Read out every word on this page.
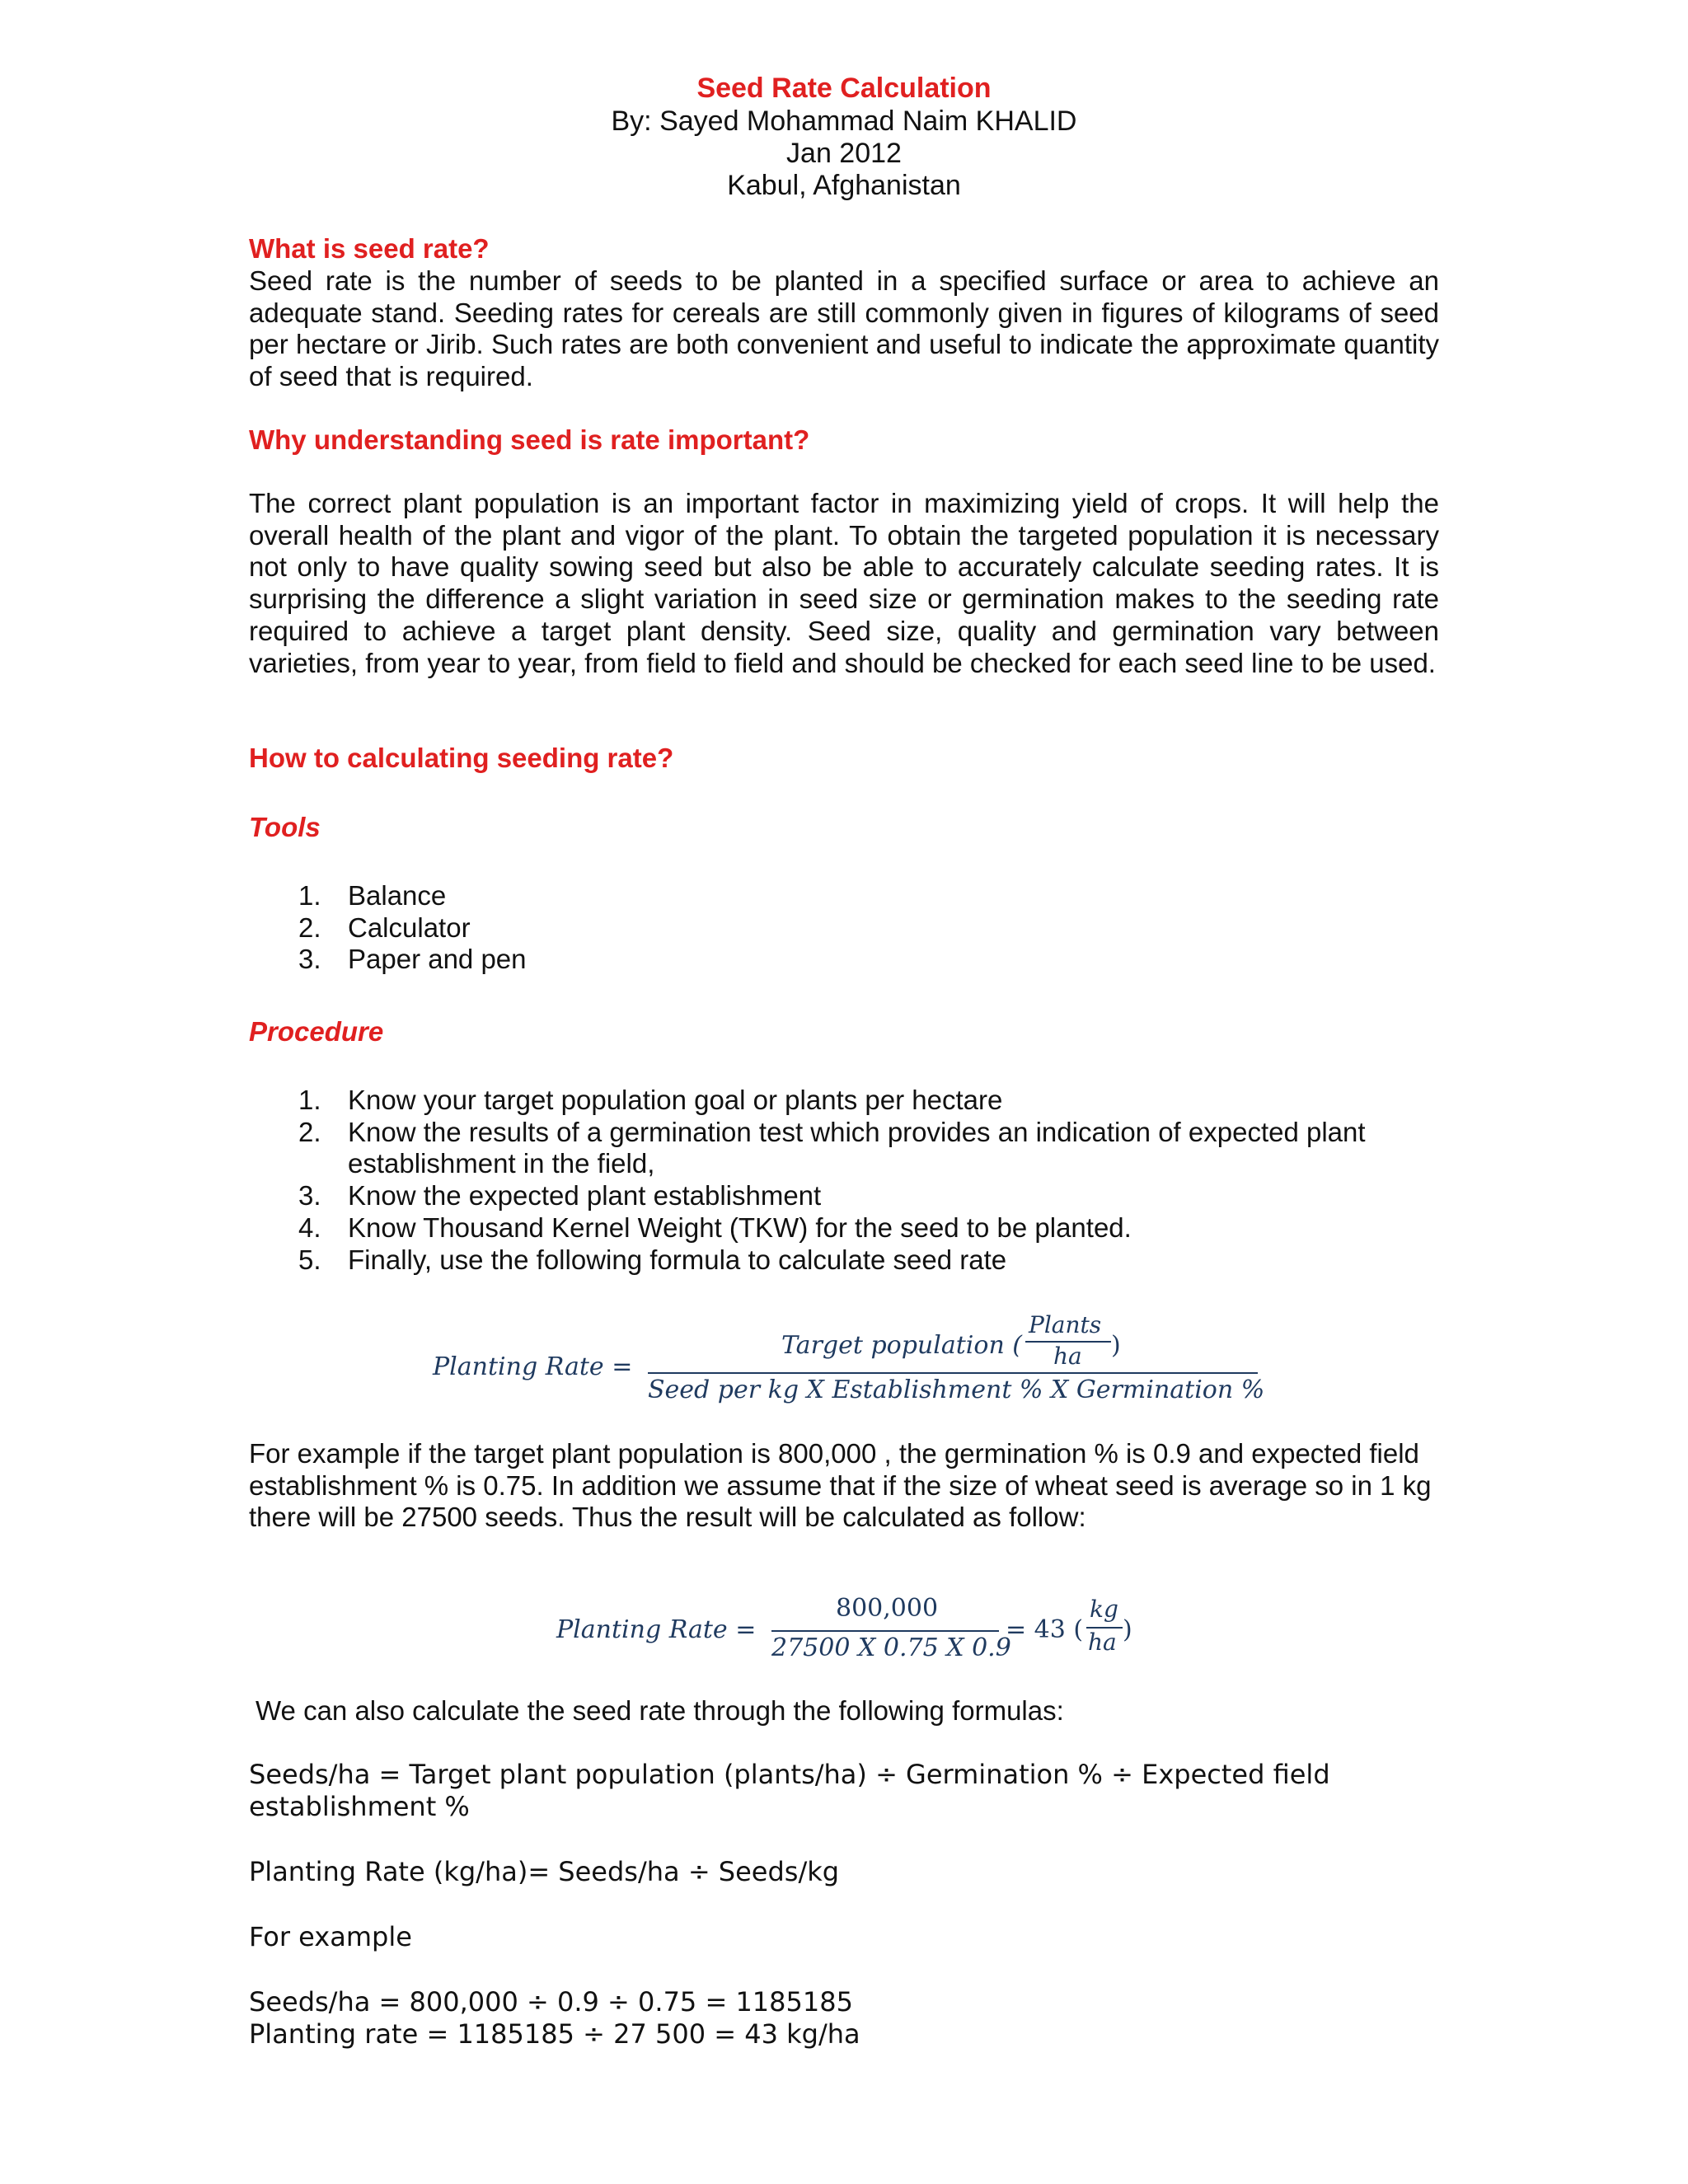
Seed Rate Calculation
By: Sayed Mohammad Naim KHALID
Jan 2012
Kabul, Afghanistan
What is seed rate?

Seed rate is the number of seeds to be planted in a specified surface or area to achieve an adequate stand. Seeding rates for cereals are still commonly given in figures of kilograms of seed per hectare or Jirib. Such rates are both convenient and useful to indicate the approximate quantity of seed that is required.

Why understanding seed is rate important?

The correct plant population is an important factor in maximizing yield of crops. It will help the overall health of the plant and vigor of the plant. To obtain the targeted population it is necessary not only to have quality sowing seed but also be able to accurately calculate seeding rates. It is surprising the difference a slight variation in seed size or germination makes to the seeding rate required to achieve a target plant density. Seed size, quality and germination vary between varieties, from year to year, from field to field and should be checked for each seed line to be used.

How to calculating seeding rate?
Tools
1. Balance
2. Calculator
3. Paper and pen
Procedure
1. Know your target population goal or plants per hectare
2. Know the results of a germination test which provides an indication of expected plant establishment in the field,
3. Know the expected plant establishment
4. Know Thousand Kernel Weight (TKW) for the seed to be planted.
5. Finally, use the following formula to calculate seed rate
Planting Rate =
Target population (
Plants
ha )
Seed per kg X Establishment % X Germination %

For example if the target plant population is 800,000 , the germination % is 0.9 and expected field establishment % is 0.75. In addition we assume that if the size of wheat seed is average so in 1 kg there will be 27500 seeds. Thus the result will be calculated as follow:

Planting Rate =
800,000
27500 X 0.75 X 0.9
= 43 (
kg
ha )
We can also calculate the seed rate through the following formulas:
Seeds/ha = Target plant population (plants/ha) ÷ Germination % ÷ Expected field
establishment %
Planting Rate (kg/ha)= Seeds/ha ÷ Seeds/kg
For example
Seeds/ha = 800,000 ÷ 0.9 ÷ 0.75 = 1185185
Planting rate = 1185185 ÷ 27 500 = 43 kg/ha
